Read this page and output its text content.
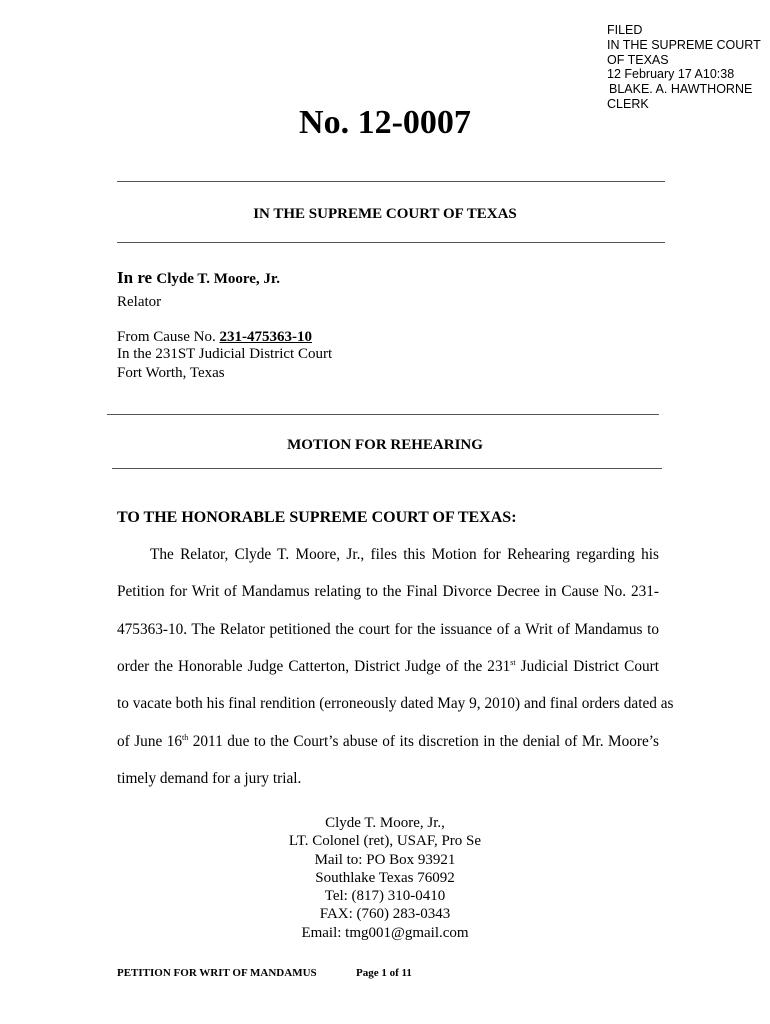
FILED
IN THE SUPREME COURT
OF TEXAS
12 February 17 A10:38
BLAKE. A. HAWTHORNE
CLERK
No. 12-0007
IN THE SUPREME COURT OF TEXAS
In re Clyde T. Moore, Jr.
Relator
From Cause No. 231-475363-10
In the 231ST Judicial District Court
Fort Worth, Texas
MOTION FOR REHEARING
TO THE HONORABLE SUPREME COURT OF TEXAS:
The Relator, Clyde T. Moore, Jr., files this Motion for Rehearing regarding his
Petition for Writ of Mandamus relating to the Final Divorce Decree in Cause No. 231-
475363-10. The Relator petitioned the court for the issuance of a Writ of Mandamus to
order the Honorable Judge Catterton, District Judge of the 231st Judicial District Court
to vacate both his final rendition (erroneously dated May 9, 2010) and final orders dated as
of June 16th 2011 due to the Court’s abuse of its discretion in the denial of Mr. Moore’s
timely demand for a jury trial.
Clyde T. Moore, Jr.,
LT. Colonel (ret), USAF, Pro Se
Mail to: PO Box 93921
Southlake Texas 76092
Tel: (817) 310-0410
FAX: (760) 283-0343
Email: tmg001@gmail.com
PETITION FOR WRIT OF MANDAMUS	Page 1 of 11
